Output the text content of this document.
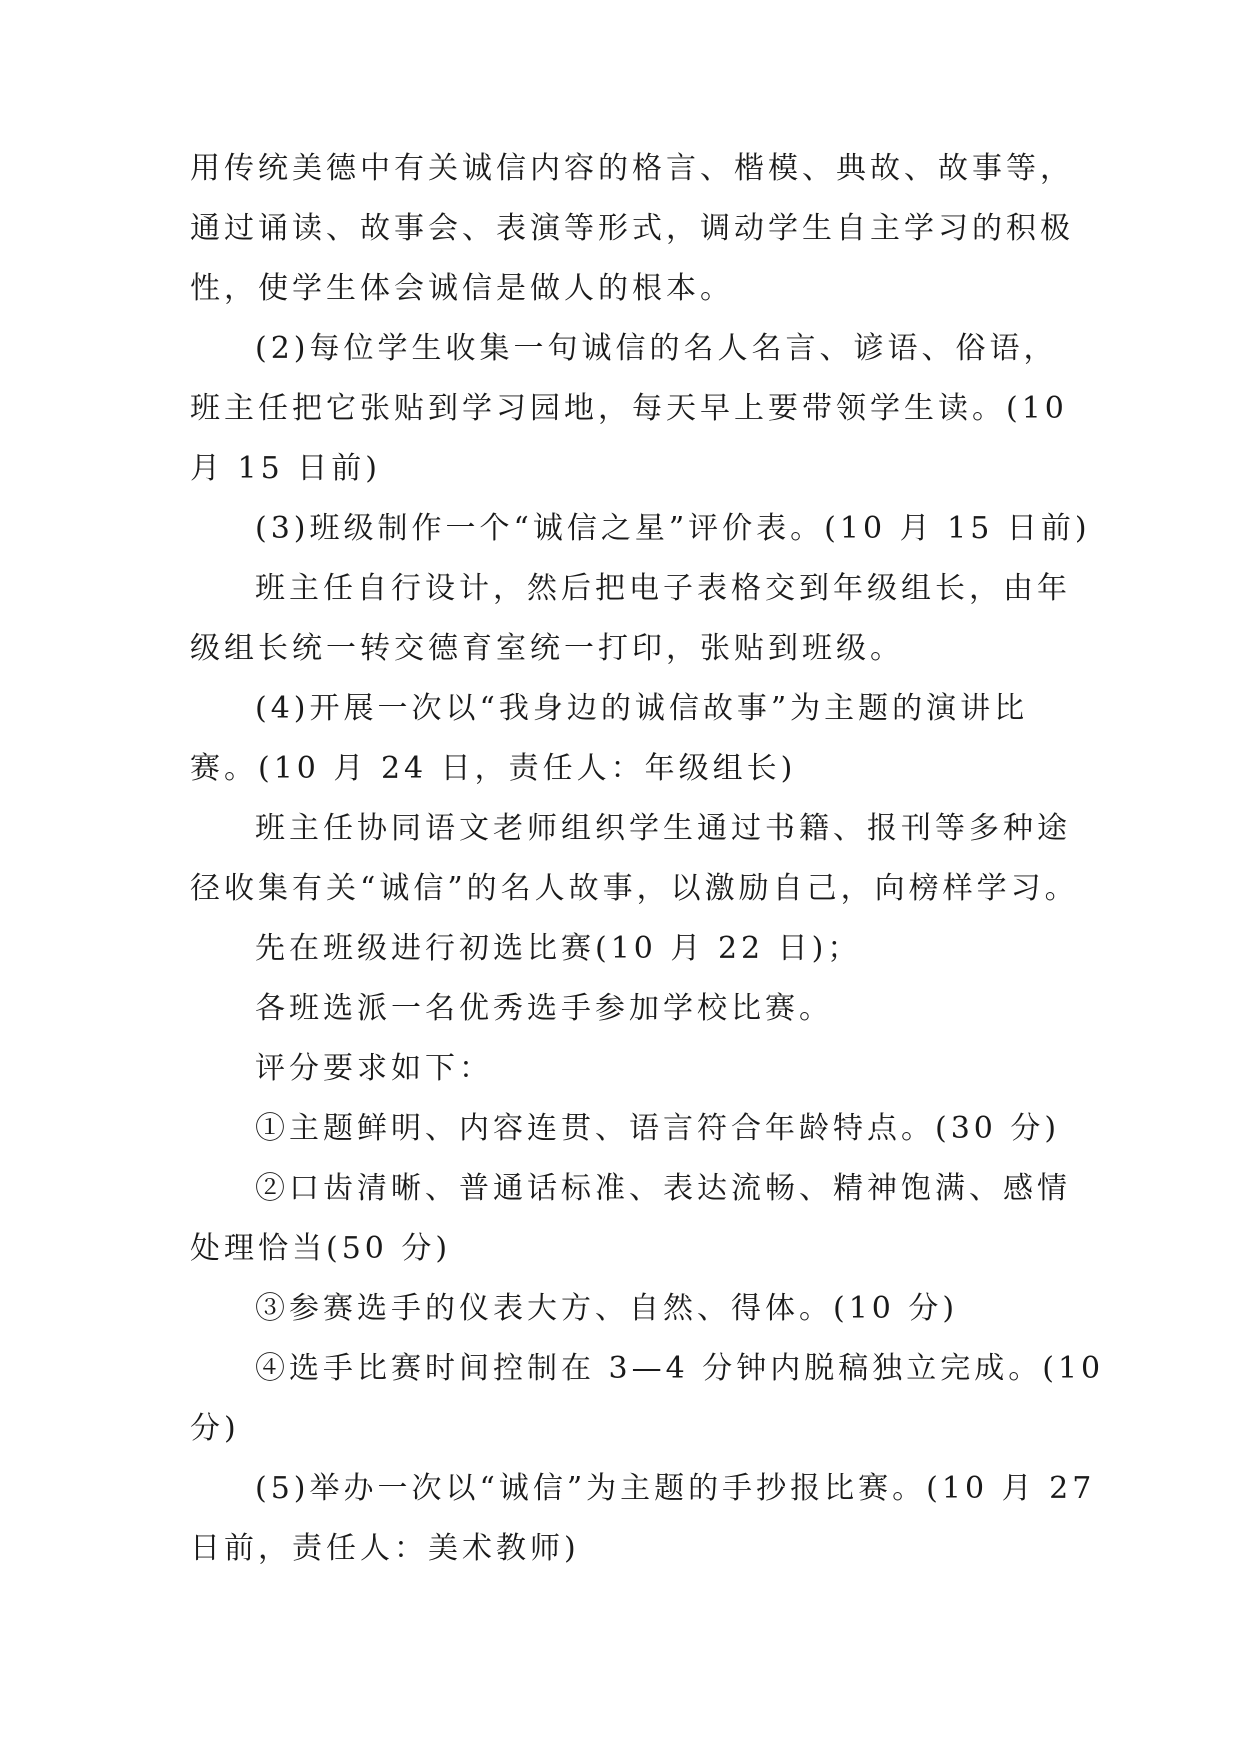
用传统美德中有关诚信内容的格言、楷模、典故、故事等，
通过诵读、故事会、表演等形式，调动学生自主学习的积极
性，使学生体会诚信是做人的根本。
(2)每位学生收集一句诚信的名人名言、谚语、俗语，
班主任把它张贴到学习园地，每天早上要带领学生读。(10
月 15 日前)
(3)班级制作一个“诚信之星”评价表。(10 月 15 日前)
班主任自行设计，然后把电子表格交到年级组长，由年
级组长统一转交德育室统一打印，张贴到班级。
(4)开展一次以“我身边的诚信故事”为主题的演讲比
赛。(10 月 24 日，责任人：年级组长)
班主任协同语文老师组织学生通过书籍、报刊等多种途
径收集有关“诚信”的名人故事，以激励自己，向榜样学习。
先在班级进行初选比赛(10 月 22 日)；
各班选派一名优秀选手参加学校比赛。
评分要求如下：
①主题鲜明、内容连贯、语言符合年龄特点。(30 分)
②口齿清晰、普通话标准、表达流畅、精神饱满、感情
处理恰当(50 分)
③参赛选手的仪表大方、自然、得体。(10 分)
④选手比赛时间控制在 3—4 分钟内脱稿独立完成。(10
分)
(5)举办一次以“诚信”为主题的手抄报比赛。(10 月 27
日前，责任人：美术教师)
